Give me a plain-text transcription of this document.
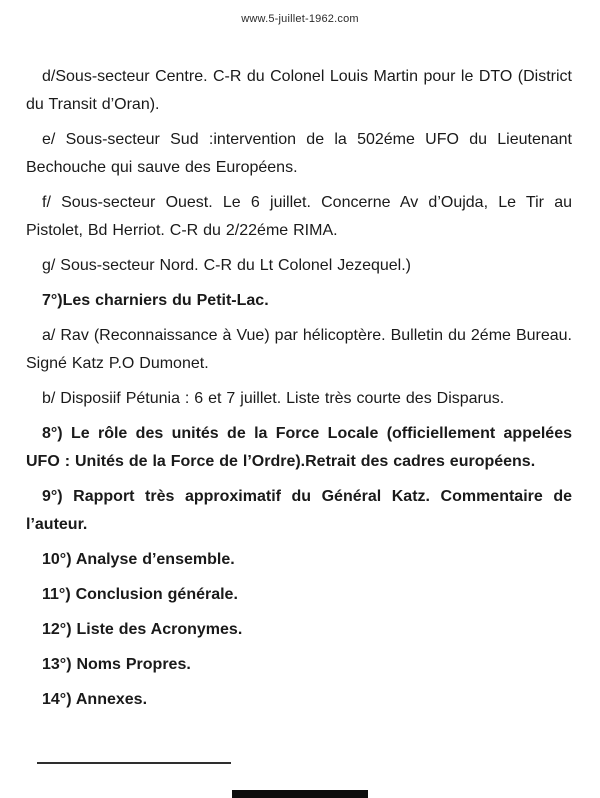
www.5-juillet-1962.com

d/Sous-secteur Centre. C-R du Colonel Louis Martin pour le DTO (District du Transit d’Oran).

e/ Sous-secteur Sud :intervention de la 502éme UFO du Lieutenant Bechouche qui sauve des Européens.

f/ Sous-secteur Ouest. Le 6 juillet. Concerne Av d’Oujda, Le Tir au Pistolet, Bd Herriot. C-R du 2/22éme RIMA.

g/ Sous-secteur Nord. C-R du Lt Colonel Jezequel.)

7°)Les charniers du Petit-Lac.

a/ Rav (Reconnaissance à Vue) par hélicoptère. Bulletin du 2éme Bureau. Signé Katz P.O Dumonet.

b/ Disposiif Pétunia : 6 et 7 juillet. Liste très courte des Disparus.

8°) Le rôle des unités de la Force Locale (officiellement appelées UFO : Unités de la Force de l’Ordre).Retrait des cadres européens.

9°) Rapport très approximatif du Général Katz. Commentaire de l’auteur.

10°) Analyse d’ensemble.

11°) Conclusion générale.

12°) Liste des Acronymes.

13°) Noms Propres.

14°) Annexes.
